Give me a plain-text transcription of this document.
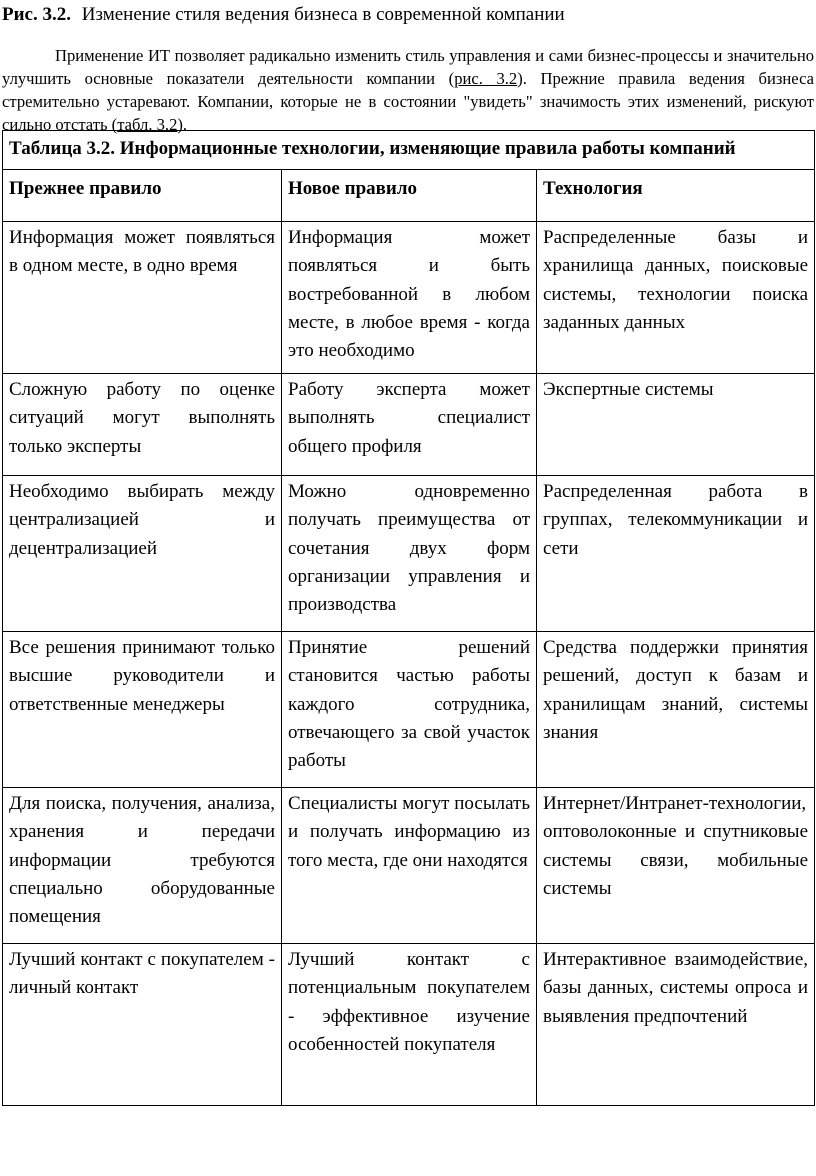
Рис. 3.2. Изменение стиля ведения бизнеса в современной компании
Применение ИТ позволяет радикально изменить стиль управления и сами бизнес-процессы и значительно улучшить основные показатели деятельности компании (рис. 3.2). Прежние правила ведения бизнеса стремительно устаревают. Компании, которые не в состоянии "увидеть" значимость этих изменений, рискуют сильно отстать (табл. 3.2).
Таблица 3.2. Информационные технологии, изменяющие правила работы компаний		
Прежнее правило	Новое правило	Технология
Информация может появляться в одном месте, в одно время	Информация может появляться и быть востребованной в любом месте, в любое время - когда это необходимо	Распределенные базы и хранилища данных, поисковые системы, технологии поиска заданных данных
Сложную работу по оценке ситуаций могут выполнять только эксперты	Работу эксперта может выполнять специалист общего профиля	Экспертные системы
Необходимо выбирать между централизацией и децентрализацией	Можно одновременно получать преимущества от сочетания двух форм организации управления и производства	Распределенная работа в группах, телекоммуникации и сети
Все решения принимают только высшие руководители и ответственные менеджеры	Принятие решений становится частью работы каждого сотрудника, отвечающего за свой участок работы	Средства поддержки принятия решений, доступ к базам и хранилищам знаний, системы знания
Для поиска, получения, анализа, хранения и передачи информации требуются специально оборудованные помещения	Специалисты могут посылать и получать информацию из того места, где они находятся	Интернет/Интранет-технологии, оптоволоконные и спутниковые системы связи, мобильные системы
Лучший контакт с покупателем - личный контакт	Лучший контакт с потенциальным покупателем - эффективное изучение особенностей покупателя	Интерактивное взаимодействие, базы данных, системы опроса и выявления предпочтений
